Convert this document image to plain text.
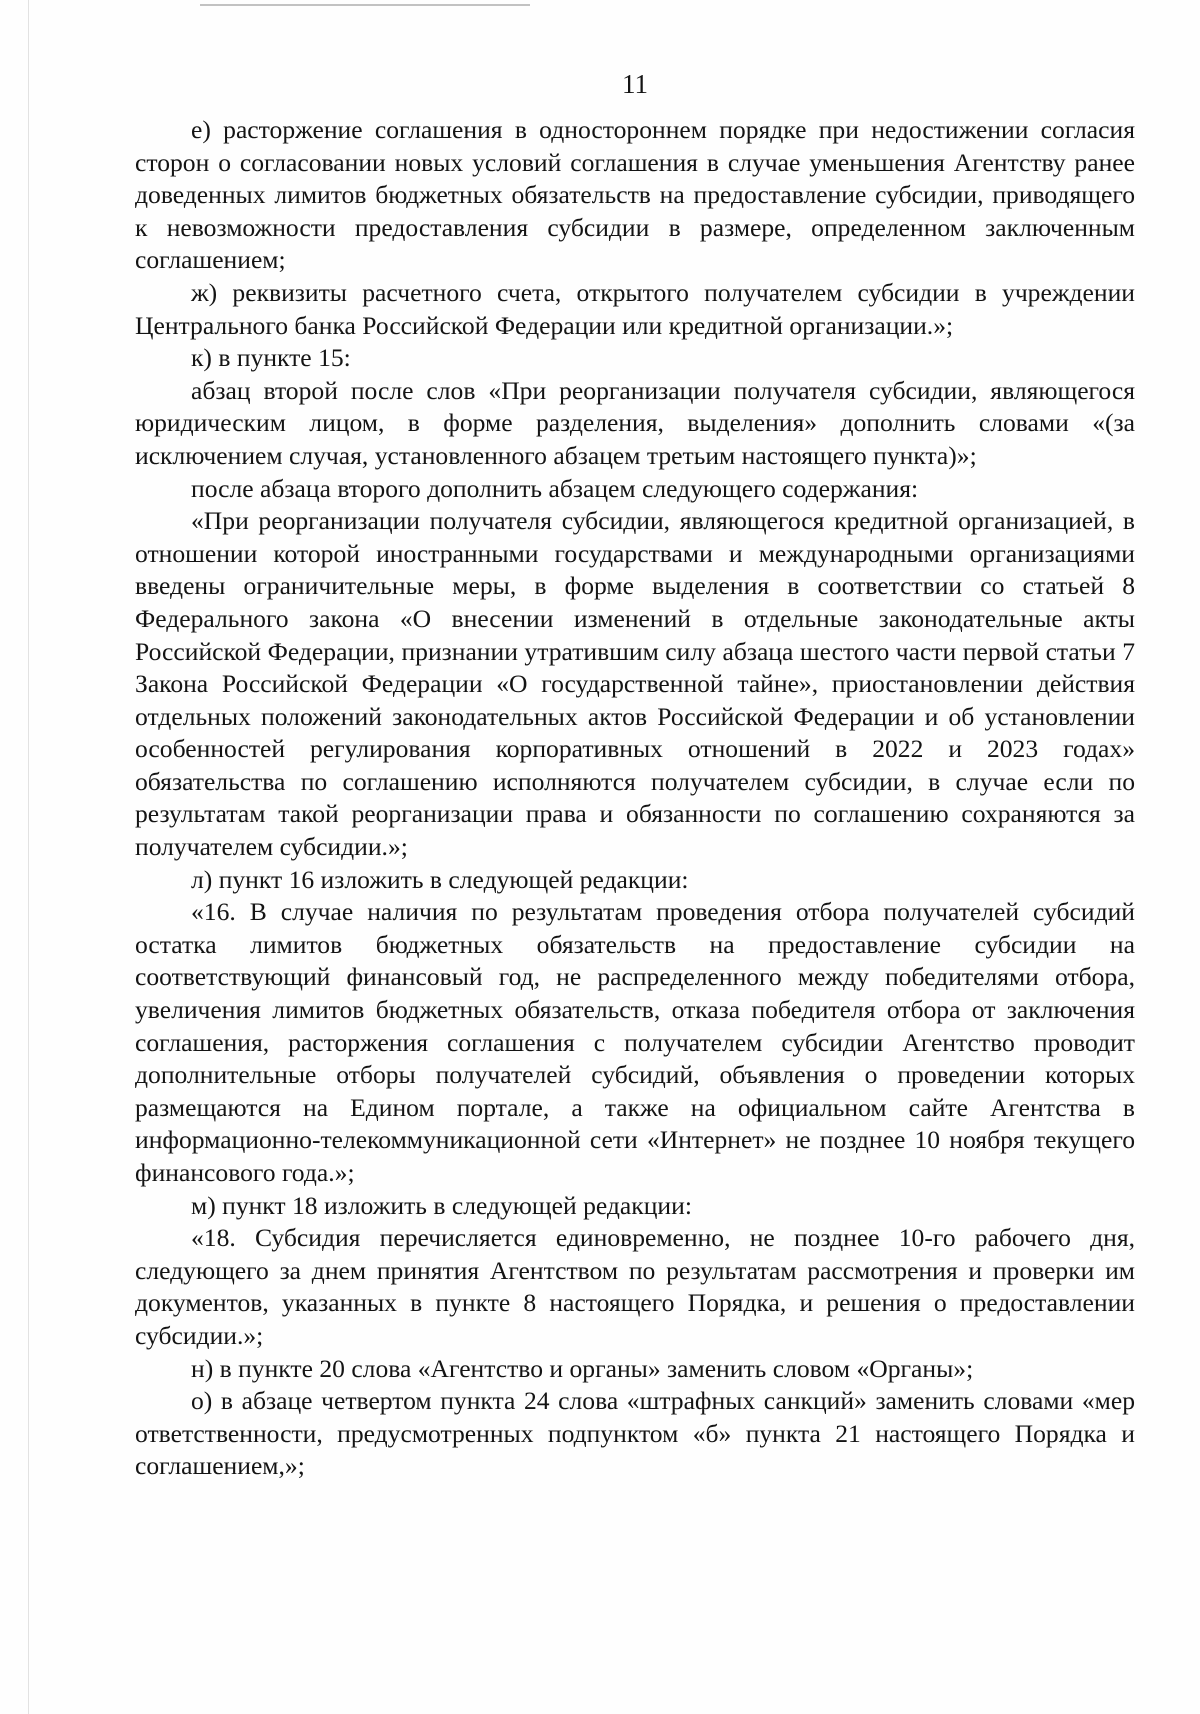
11

е) расторжение соглашения в одностороннем порядке при недостижении согласия сторон о согласовании новых условий соглашения в случае уменьшения Агентству ранее доведенных лимитов бюджетных обязательств на предоставление субсидии, приводящего к невозможности предоставления субсидии в размере, определенном заключенным соглашением;

ж) реквизиты расчетного счета, открытого получателем субсидии в учреждении Центрального банка Российской Федерации или кредитной организации.»;

к) в пункте 15:

абзац второй после слов «При реорганизации получателя субсидии, являющегося юридическим лицом, в форме разделения, выделения» дополнить словами «(за исключением случая, установленного абзацем третьим настоящего пункта)»;

после абзаца второго дополнить абзацем следующего содержания:

«При реорганизации получателя субсидии, являющегося кредитной организацией, в отношении которой иностранными государствами и международными организациями введены ограничительные меры, в форме выделения в соответствии со статьей 8 Федерального закона «О внесении изменений в отдельные законодательные акты Российской Федерации, признании утратившим силу абзаца шестого части первой статьи 7 Закона Российской Федерации «О государственной тайне», приостановлении действия отдельных положений законодательных актов Российской Федерации и об установлении особенностей регулирования корпоративных отношений в 2022 и 2023 годах» обязательства по соглашению исполняются получателем субсидии, в случае если по результатам такой реорганизации права и обязанности по соглашению сохраняются за получателем субсидии.»;

л) пункт 16 изложить в следующей редакции:

«16. В случае наличия по результатам проведения отбора получателей субсидий остатка лимитов бюджетных обязательств на предоставление субсидии на соответствующий финансовый год, не распределенного между победителями отбора, увеличения лимитов бюджетных обязательств, отказа победителя отбора от заключения соглашения, расторжения соглашения с получателем субсидии Агентство проводит дополнительные отборы получателей субсидий, объявления о проведении которых размещаются на Едином портале, а также на официальном сайте Агентства в информационно-телекоммуникационной сети «Интернет» не позднее 10 ноября текущего финансового года.»;

м) пункт 18 изложить в следующей редакции:

«18. Субсидия перечисляется единовременно, не позднее 10-го рабочего дня, следующего за днем принятия Агентством по результатам рассмотрения и проверки им документов, указанных в пункте 8 настоящего Порядка, и решения о предоставлении субсидии.»;

н) в пункте 20 слова «Агентство и органы» заменить словом «Органы»;

о) в абзаце четвертом пункта 24 слова «штрафных санкций» заменить словами «мер ответственности, предусмотренных подпунктом «б» пункта 21 настоящего Порядка и соглашением,»;
